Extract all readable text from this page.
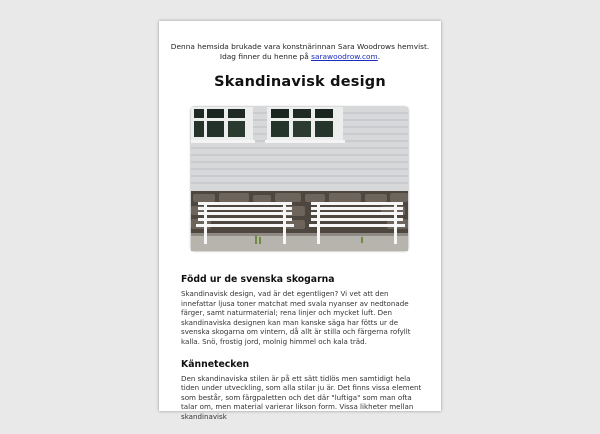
Denna hemsida brukade vara konstnärinnan Sara Woodrows hemvist. Idag finner du henne på sarawoodrow.com.
Skandinavisk design
Född ur de svenska skogarna

Skandinavisk design, vad är det egentligen? Vi vet att den innefattar ljusa toner matchat med svala nyanser av nedtonade färger, samt naturmaterial; rena linjer och mycket luft. Den skandinaviska designen kan man kanske säga har fötts ur de svenska skogarna om vintern, då allt är stilla och färgerna rofyllt kalla. Snö, frostig jord, molnig himmel och kala träd.

Kännetecken

Den skandinaviska stilen är på ett sätt tidlös men samtidigt hela tiden under utveckling, som alla stilar ju är. Det finns vissa element som består, som färgpaletten och det där "luftiga" som man ofta talar om, men material varierar likson form. Vissa likheter mellan skandinavisk
